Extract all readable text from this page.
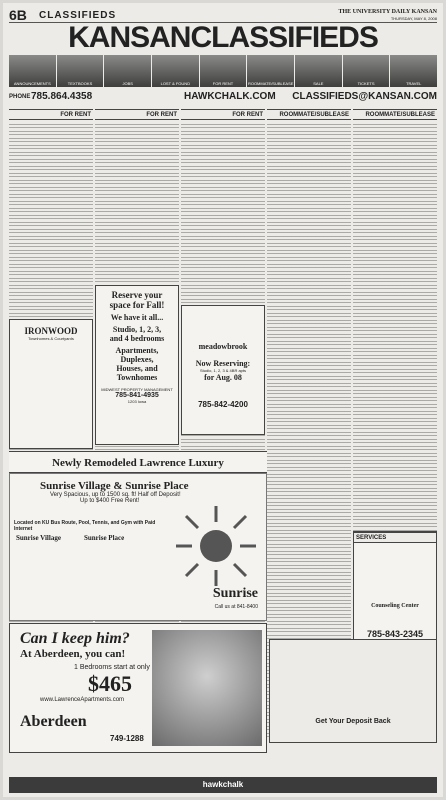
6B CLASSIFIEDS	THE UNIVERSITY DAILY KANSAN
THURSDAY, MAY 8, 2008
KANSANCLASSIFIEDS
ANNOUNCEMENTS	TEXTBOOKS	JOBS	LOST & FOUND	FOR RENT	ROOMMATE/SUBLEASE	SALE	TICKETS	TRAVEL
PHONE 785.864.4358	HAWKCHALK.COM CLASSIFIEDS@KANSAN.COM
FOR RENT	FOR RENT	FOR RENT	ROOMMATE/SUBLEASE	ROOMMATE/SUBLEASE
IRONWOOD
Townhomes & Courtyards
Reserve your
space for Fall!
We have it all...
Studio, 1, 2, 3,
and 4 bedrooms
Apartments,
Duplexes,
Houses, and
Townhomes
MIDWEST PROPERTY MANAGEMENT
785-841-4935
1203 Iowa
meadowbrook
Now Reserving:
Studio, 1, 2, 3 & 4BR apts
for Aug. 08
785-842-4200
SERVICES
Counseling Center
785-843-2345
Get Your Deposit Back
Newly Remodeled Lawrence Luxury
Sunrise Village & Sunrise Place
Very Spacious, up to 1500 sq. ft! Half off Deposit!
Up to $400 Free Rent!
Located on KU Bus Route, Pool, Tennis, and Gym with Paid Internet
Sunrise Village	Sunrise Place
Sunrise
Call us at 841-8400
Can I keep him?
At Aberdeen, you can!
1 Bedrooms start at only
$465
www.LawrenceApartments.com
Aberdeen
749-1288
hawkchalk
